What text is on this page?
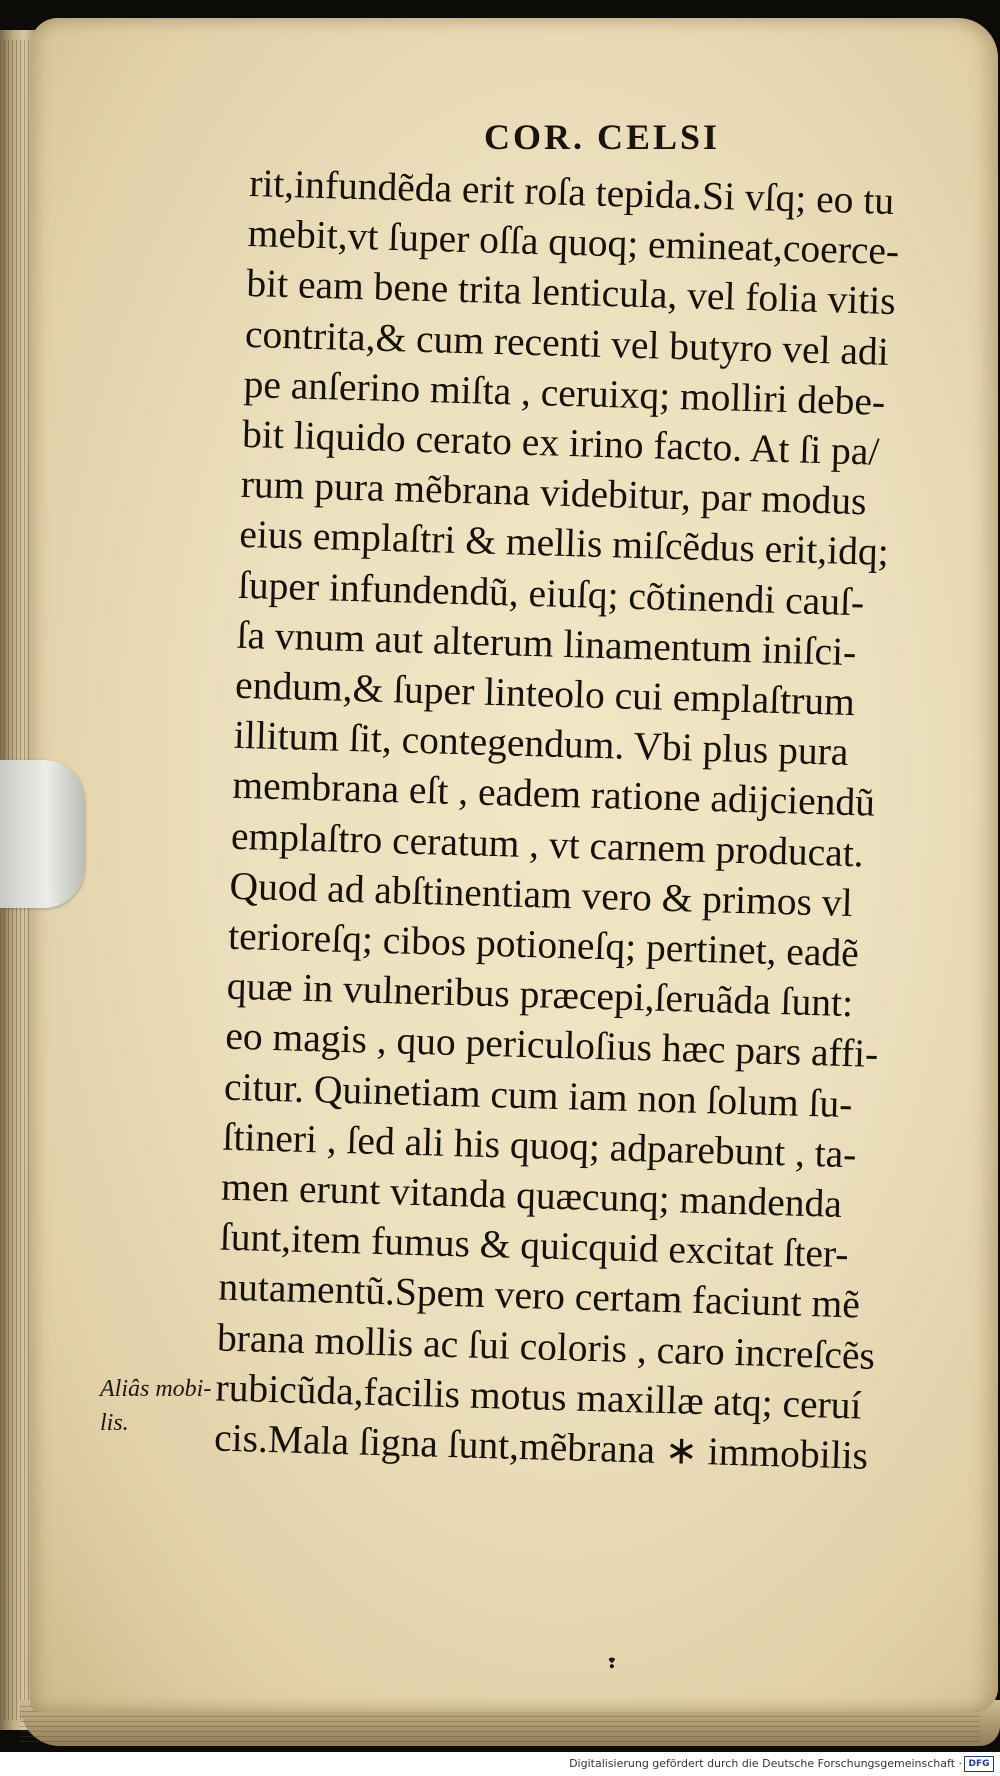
COR. CELSI
rit,infundẽda erit roſa tepida.Si vſq; eo tu
mebit,vt ſuper oſſa quoq; emineat,coerce-
bit eam bene trita lenticula, vel folia vitis
contrita,& cum recenti vel butyro vel adi
pe anſerino miſta , ceruixq; molliri debe-
bit liquido cerato ex irino facto. At ſi pa/
rum pura mẽbrana videbitur, par modus
eius emplaſtri & mellis miſcẽdus erit,idq;
ſuper infundendũ, eiuſq; cõtinendi cauſ-
ſa vnum aut alterum linamentum iniſci-
endum,& ſuper linteolo cui emplaſtrum
illitum ſit, contegendum. Vbi plus pura
membrana eſt , eadem ratione adijciendũ
emplaſtro ceratum , vt carnem producat.
Quod ad abſtinentiam vero & primos vl
terioreſq; cibos potioneſq; pertinet, eadẽ
quæ in vulneribus præcepi,ſeruãda ſunt:
eo magis , quo periculoſius hæc pars affi-
citur. Quinetiam cum iam non ſolum ſu-
ſtineri , ſed ali his quoq; adparebunt , ta-
men erunt vitanda quæcunq; mandenda
ſunt,item fumus & quicquid excitat ſter-
nutamentũ.Spem vero certam faciunt mẽ
brana mollis ac ſui coloris , caro increſcẽs
rubicũda,facilis motus maxillæ atq; ceruí
cis.Mala ſigna ſunt,mẽbrana ∗ immobilis
Aliâs mobi-
lis.
❢
Digitalisierung gefördert durch die Deutsche Forschungsgemeinschaft · DFG
